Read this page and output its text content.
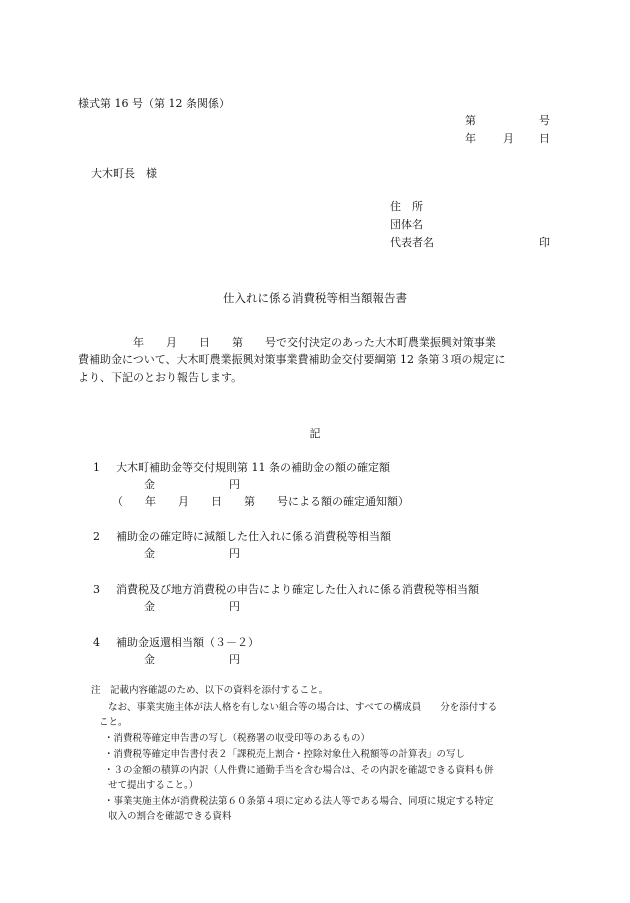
様式第 16 号（第 12 条関係）
第	号
年 月 日
大木町長　様
住　所
団体名
代表者名	印
仕入れに係る消費税等相当額報告書
　　　　　年　　月　　日　　第　　号で交付決定のあった大木町農業振興対策事業
費補助金について、大木町農業振興対策事業費補助金交付要綱第 12 条第３項の規定に
より、下記のとおり報告します。
記
1 大木町補助金等交付規則第 11 条の補助金の額の確定額
金	円
（　　年　　月　　日　　第　　号による額の確定通知額）
2 補助金の確定時に減額した仕入れに係る消費税等相当額
金	円
3 消費税及び地方消費税の申告により確定した仕入れに係る消費税等相当額
金	円
4 補助金返還相当額（３－２）
金	円
注　記載内容確認のため、以下の資料を添付すること。
なお、事業実施主体が法人格を有しない組合等の場合は、すべての構成員　　分を添付する
こと。
・消費税等確定申告書の写し（税務署の収受印等のあるもの）
・消費税等確定申告書付表２「課税売上割合・控除対象仕入税額等の計算表」の写し
・３の金額の積算の内訳（人件費に通勤手当を含む場合は、その内訳を確認できる資料も併
せて提出すること。）
・事業実施主体が消費税法第６０条第４項に定める法人等である場合、同項に規定する特定
収入の割合を確認できる資料
